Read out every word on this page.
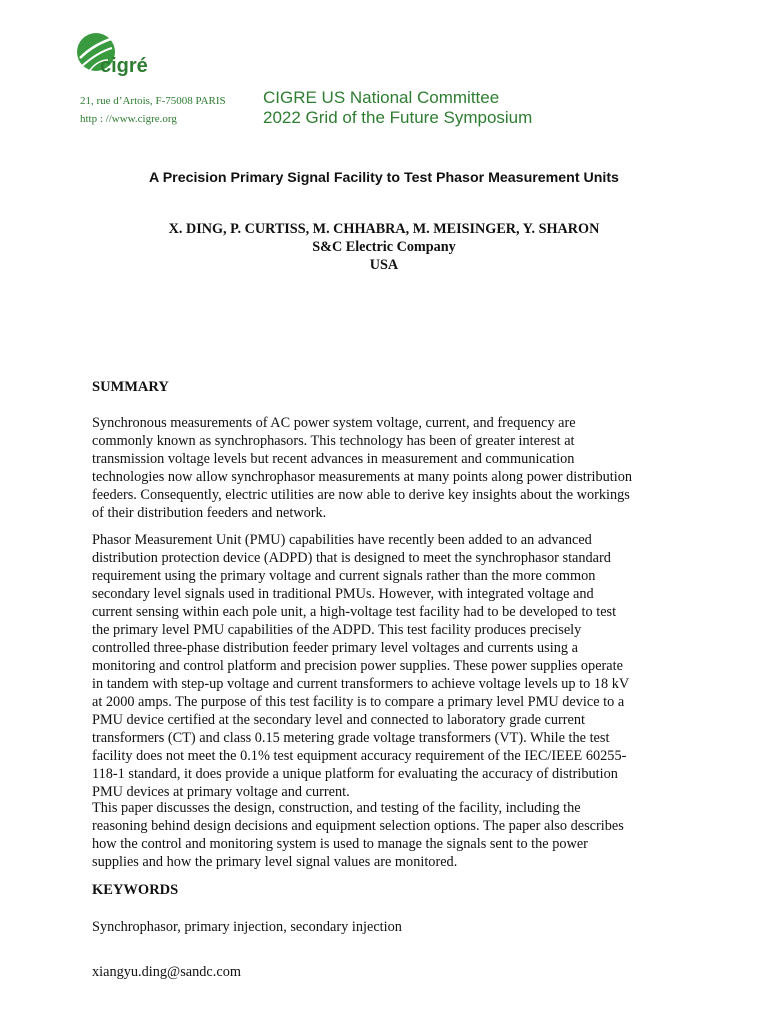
cigré
21, rue d’Artois, F-75008 PARIS
http : //www.cigre.org
CIGRE US National Committee
2022 Grid of the Future Symposium
A Precision Primary Signal Facility to Test Phasor Measurement Units
X. DING, P. CURTISS, M. CHHABRA, M. MEISINGER, Y. SHARON
S&C Electric Company
USA
SUMMARY
Synchronous measurements of AC power system voltage, current, and frequency are
commonly known as synchrophasors. This technology has been of greater interest at
transmission voltage levels but recent advances in measurement and communication
technologies now allow synchrophasor measurements at many points along power distribution
feeders. Consequently, electric utilities are now able to derive key insights about the workings
of their distribution feeders and network.
Phasor Measurement Unit (PMU) capabilities have recently been added to an advanced
distribution protection device (ADPD) that is designed to meet the synchrophasor standard
requirement using the primary voltage and current signals rather than the more common
secondary level signals used in traditional PMUs. However, with integrated voltage and
current sensing within each pole unit, a high-voltage test facility had to be developed to test
the primary level PMU capabilities of the ADPD. This test facility produces precisely
controlled three-phase distribution feeder primary level voltages and currents using a
monitoring and control platform and precision power supplies. These power supplies operate
in tandem with step-up voltage and current transformers to achieve voltage levels up to 18 kV
at 2000 amps. The purpose of this test facility is to compare a primary level PMU device to a
PMU device certified at the secondary level and connected to laboratory grade current
transformers (CT) and class 0.15 metering grade voltage transformers (VT). While the test
facility does not meet the 0.1% test equipment accuracy requirement of the IEC/IEEE 60255-
118-1 standard, it does provide a unique platform for evaluating the accuracy of distribution
PMU devices at primary voltage and current.
This paper discusses the design, construction, and testing of the facility, including the
reasoning behind design decisions and equipment selection options. The paper also describes
how the control and monitoring system is used to manage the signals sent to the power
supplies and how the primary level signal values are monitored.
KEYWORDS
Synchrophasor, primary injection, secondary injection
xiangyu.ding@sandc.com
